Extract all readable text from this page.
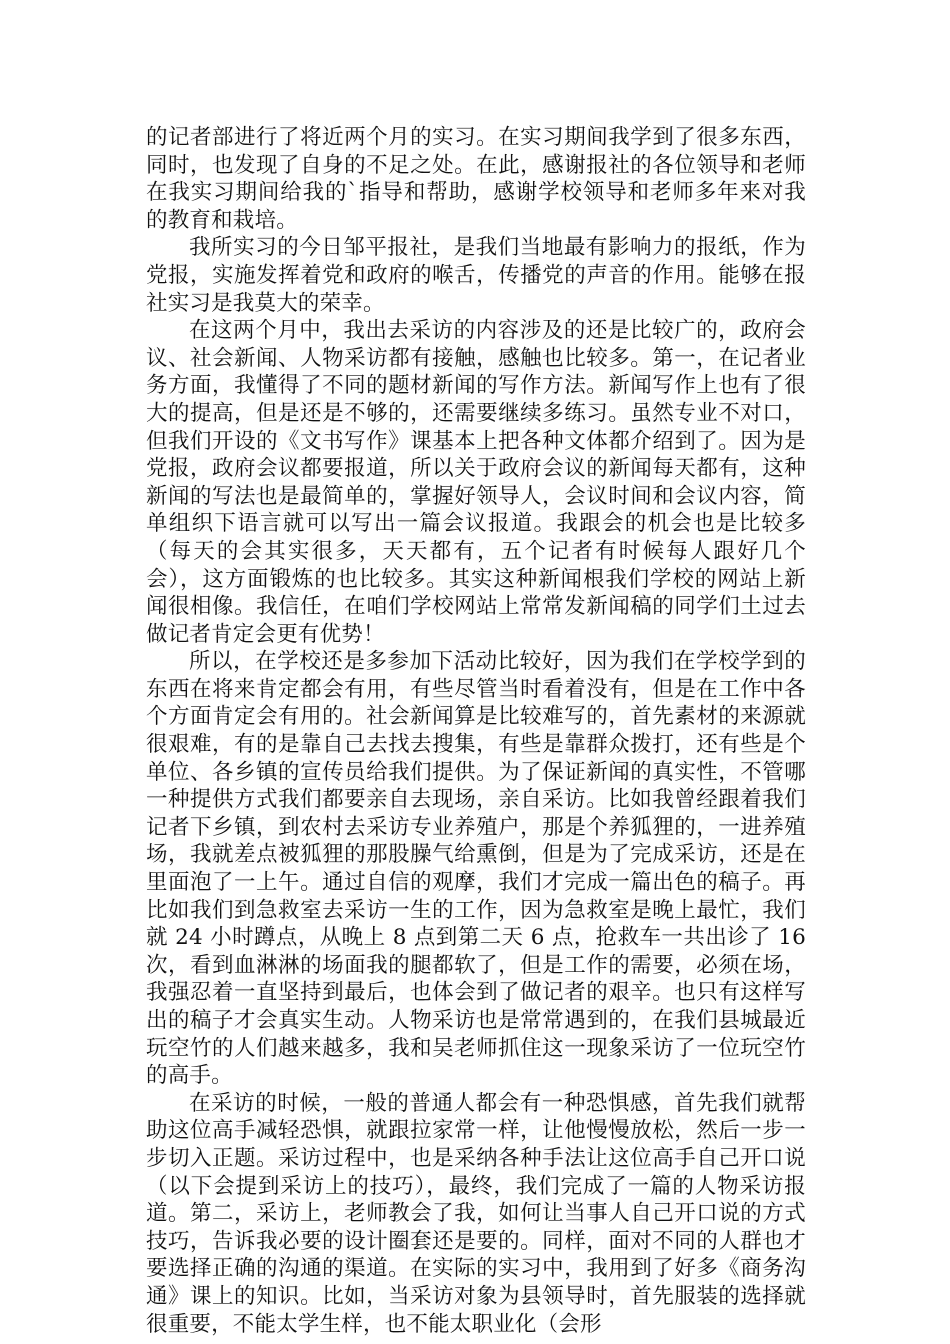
的记者部进行了将近两个月的实习。在实习期间我学到了很多东西，同时，也发现了自身的不足之处。在此，感谢报社的各位领导和老师在我实习期间给我的`指导和帮助，感谢学校领导和老师多年来对我的教育和栽培。

我所实习的今日邹平报社，是我们当地最有影响力的报纸，作为党报，实施发挥着党和政府的喉舌，传播党的声音的作用。能够在报社实习是我莫大的荣幸。

在这两个月中，我出去采访的内容涉及的还是比较广的，政府会议、社会新闻、人物采访都有接触，感触也比较多。第一，在记者业务方面，我懂得了不同的题材新闻的写作方法。新闻写作上也有了很大的提高，但是还是不够的，还需要继续多练习。虽然专业不对口，但我们开设的《文书写作》课基本上把各种文体都介绍到了。因为是党报，政府会议都要报道，所以关于政府会议的新闻每天都有，这种新闻的写法也是最简单的，掌握好领导人，会议时间和会议内容，简单组织下语言就可以写出一篇会议报道。我跟会的机会也是比较多（每天的会其实很多，天天都有，五个记者有时候每人跟好几个会），这方面锻炼的也比较多。其实这种新闻根我们学校的网站上新闻很相像。我信任，在咱们学校网站上常常发新闻稿的同学们土过去做记者肯定会更有优势！

所以，在学校还是多参加下活动比较好，因为我们在学校学到的东西在将来肯定都会有用，有些尽管当时看着没有，但是在工作中各个方面肯定会有用的。社会新闻算是比较难写的，首先素材的来源就很艰难，有的是靠自己去找去搜集，有些是靠群众拨打，还有些是个单位、各乡镇的宣传员给我们提供。为了保证新闻的真实性，不管哪一种提供方式我们都要亲自去现场，亲自采访。比如我曾经跟着我们记者下乡镇，到农村去采访专业养殖户，那是个养狐狸的，一进养殖场，我就差点被狐狸的那股臊气给熏倒，但是为了完成采访，还是在里面泡了一上午。通过自信的观摩，我们才完成一篇出色的稿子。再比如我们到急救室去采访一生的工作，因为急救室是晚上最忙，我们就 24 小时蹲点，从晚上 8 点到第二天 6 点，抢救车一共出诊了 16 次，看到血淋淋的场面我的腿都软了，但是工作的需要，必须在场，我强忍着一直坚持到最后，也体会到了做记者的艰辛。也只有这样写出的稿子才会真实生动。人物采访也是常常遇到的，在我们县城最近玩空竹的人们越来越多，我和吴老师抓住这一现象采访了一位玩空竹的高手。

在采访的时候，一般的普通人都会有一种恐惧感，首先我们就帮助这位高手减轻恐惧，就跟拉家常一样，让他慢慢放松，然后一步一步切入正题。采访过程中，也是采纳各种手法让这位高手自己开口说（以下会提到采访上的技巧），最终，我们完成了一篇的人物采访报道。第二，采访上，老师教会了我，如何让当事人自己开口说的方式技巧，告诉我必要的设计圈套还是要的。同样，面对不同的人群也才要选择正确的沟通的渠道。在实际的实习中，我用到了好多《商务沟通》课上的知识。比如，当采访对象为县领导时，首先服装的选择就很重要，不能太学生样，也不能太职业化（会形
